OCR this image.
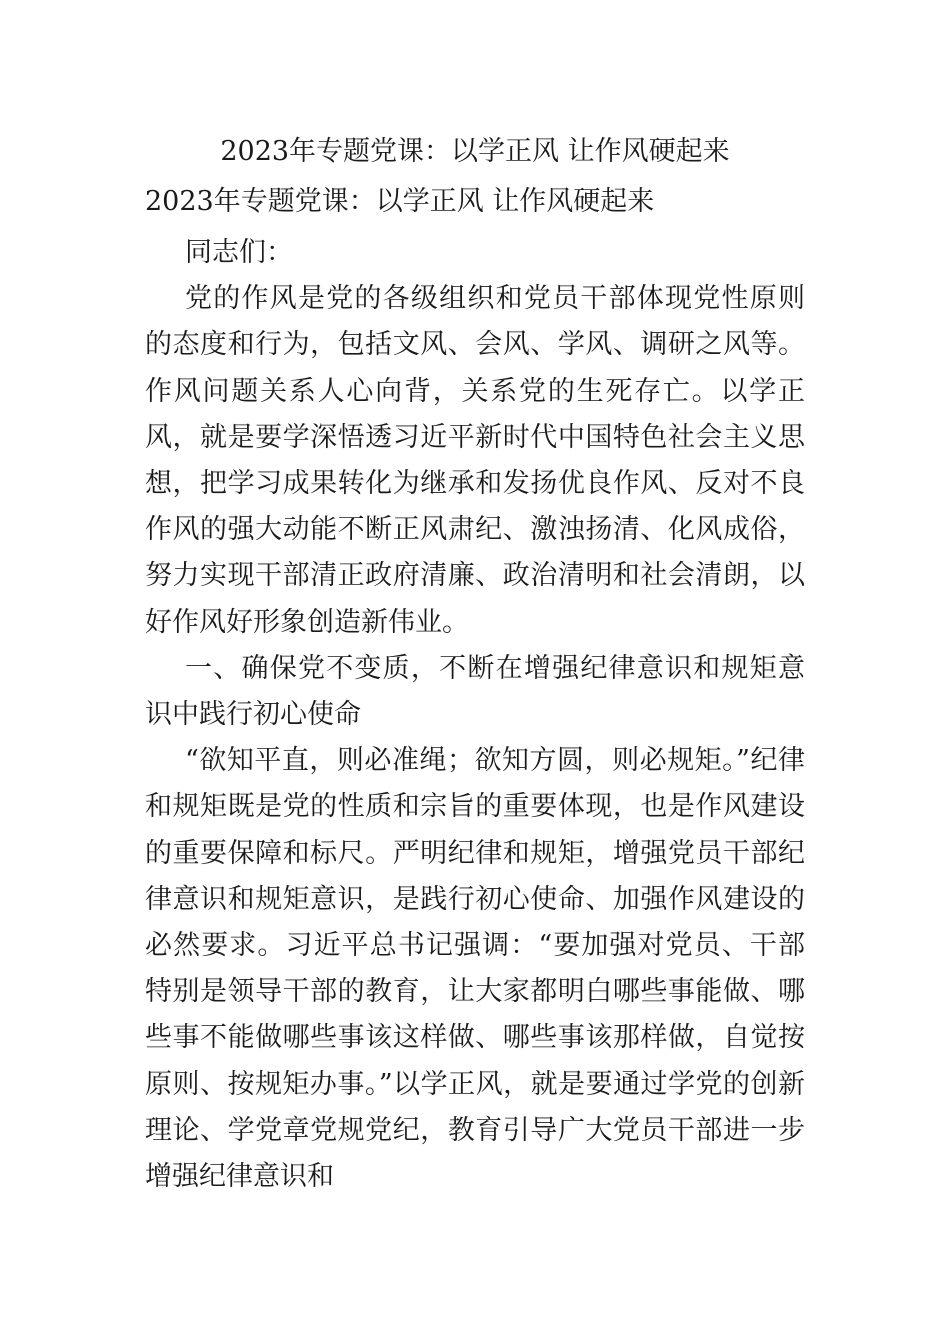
2023年专题党课：以学正风 让作风硬起来
2023年专题党课：以学正风 让作风硬起来

同志们：

党的作风是党的各级组织和党员干部体现党性原则的态度和行为，包括文风、会风、学风、调研之风等。作风问题关系人心向背，关系党的生死存亡。以学正风，就是要学深悟透习近平新时代中国特色社会主义思想，把学习成果转化为继承和发扬优良作风、反对不良作风的强大动能不断正风肃纪、激浊扬清、化风成俗，努力实现干部清正政府清廉、政治清明和社会清朗，以好作风好形象创造新伟业。

一、确保党不变质，不断在增强纪律意识和规矩意识中践行初心使命

“欲知平直，则必准绳；欲知方圆，则必规矩。”纪律和规矩既是党的性质和宗旨的重要体现，也是作风建设的重要保障和标尺。严明纪律和规矩，增强党员干部纪律意识和规矩意识，是践行初心使命、加强作风建设的必然要求。习近平总书记强调：“要加强对党员、干部特别是领导干部的教育，让大家都明白哪些事能做、哪些事不能做哪些事该这样做、哪些事该那样做，自觉按原则、按规矩办事。”以学正风，就是要通过学党的创新理论、学党章党规党纪，教育引导广大党员干部进一步增强纪律意识和
